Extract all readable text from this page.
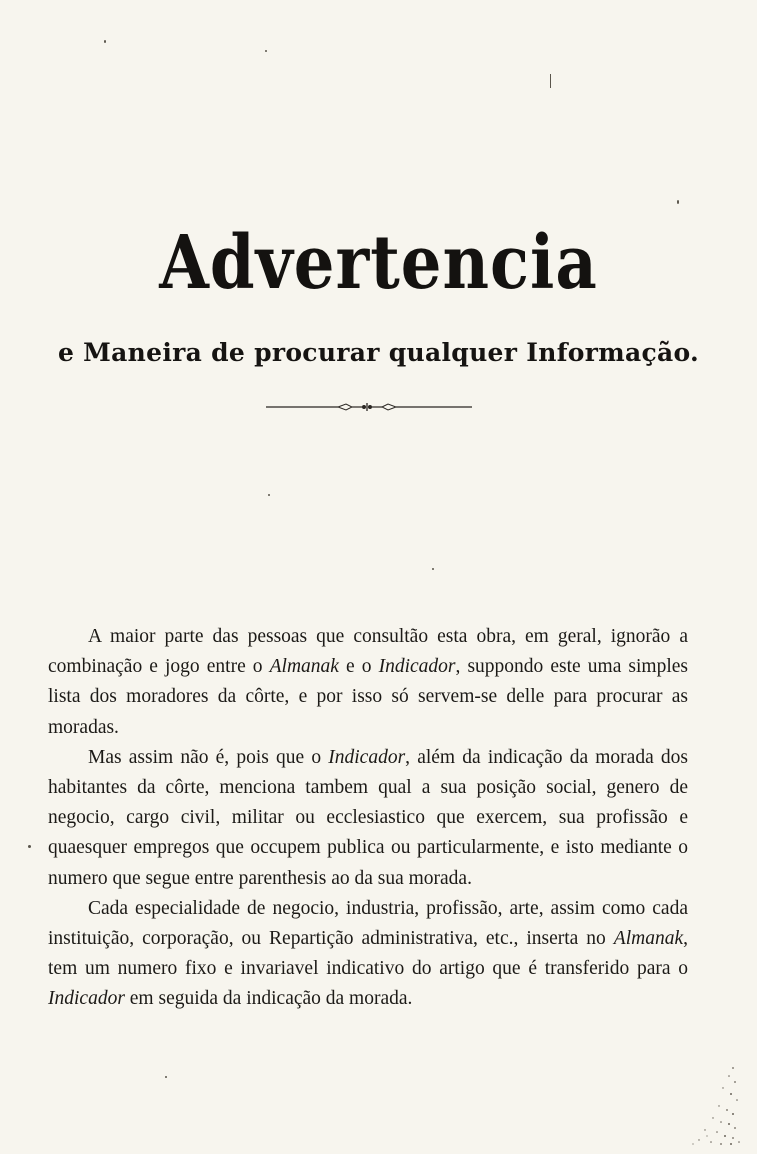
Advertencia
e Maneira de procurar qualquer Informação.

A maior parte das pessoas que consultão esta obra, em geral, ignorão a combinação e jogo entre o Almanak e o Indicador, suppondo este uma simples lista dos moradores da côrte, e por isso só servem-se delle para procurar as moradas.

Mas assim não é, pois que o Indicador, além da indicação da morada dos habitantes da côrte, menciona tambem qual a sua posição social, genero de negocio, cargo civil, militar ou ecclesiastico que exercem, sua profissão e quaesquer empregos que occupem publica ou particularmente, e isto mediante o numero que segue entre parenthesis ao da sua morada.

Cada especialidade de negocio, industria, profissão, arte, assim como cada instituição, corporação, ou Repartição administrativa, etc., inserta no Almanak, tem um numero fixo e invariavel indicativo do artigo que é transferido para o Indicador em seguida da indicação da morada.
